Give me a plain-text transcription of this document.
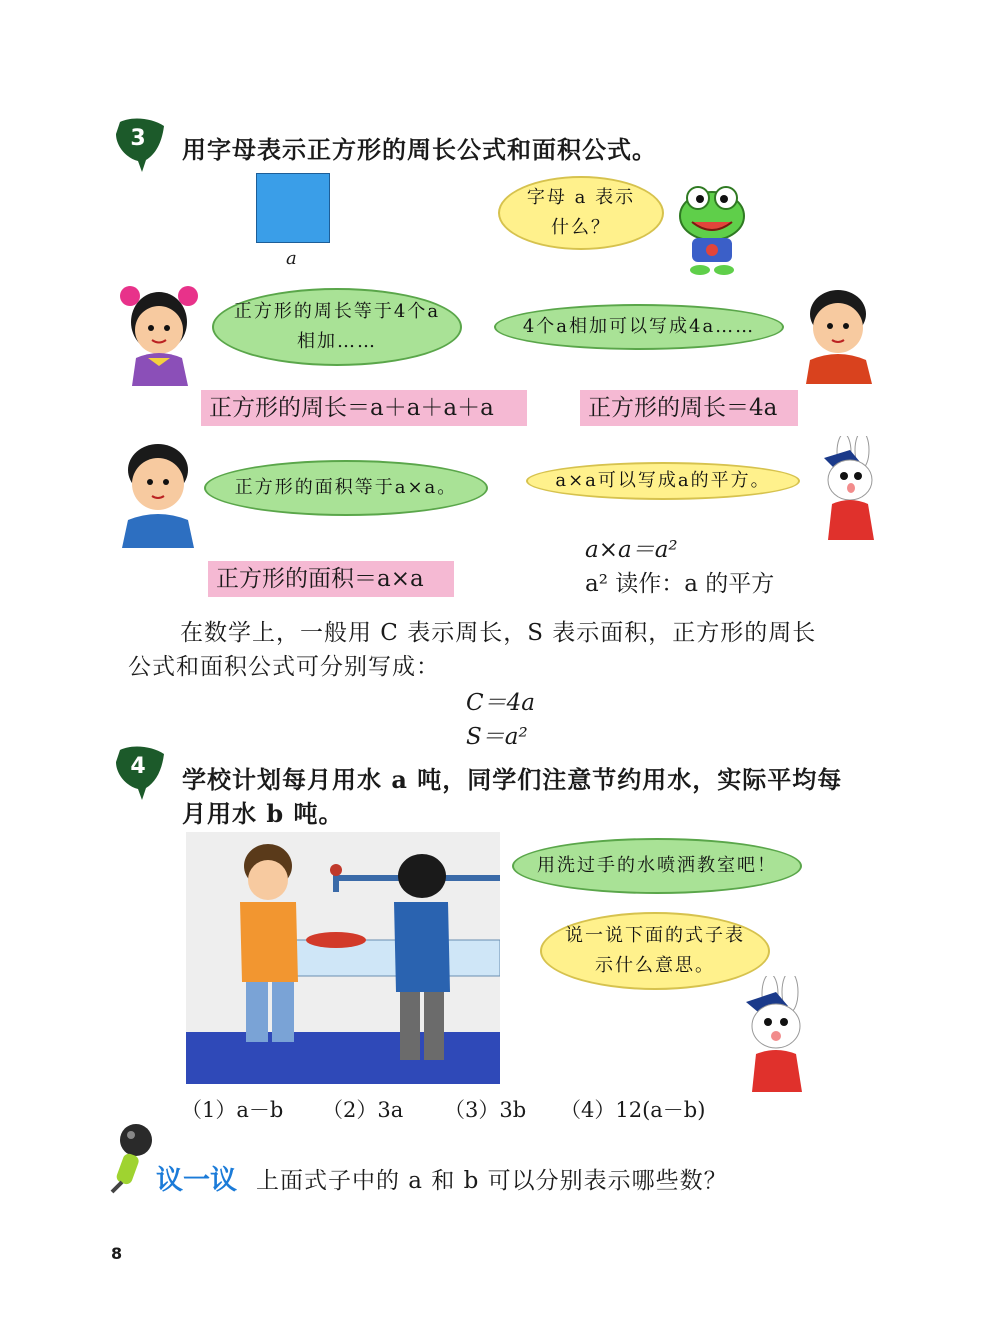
3	用字母表示正方形的周长公式和面积公式。
a
字母 a 表示什么？
正方形的周长等于4个a相加……
4个a相加可以写成4a……
正方形的周长＝a＋a＋a＋a	正方形的周长＝4a
正方形的面积等于a×a。	a×a可以写成a的平方。
a×a＝a²
a² 读作：a 的平方
正方形的面积＝a×a
在数学上，一般用 C 表示周长，S 表示面积，正方形的周长
公式和面积公式可分别写成：
C＝4a
S＝a²
4	学校计划每月用水 a 吨，同学们注意节约用水，实际平均每
月用水 b 吨。
用洗过手的水喷洒教室吧！
说一说下面的式子表示什么意思。
（1）a－b （2）3a （3）3b （4）12(a－b)
议一议 上面式子中的 a 和 b 可以分别表示哪些数？
8
